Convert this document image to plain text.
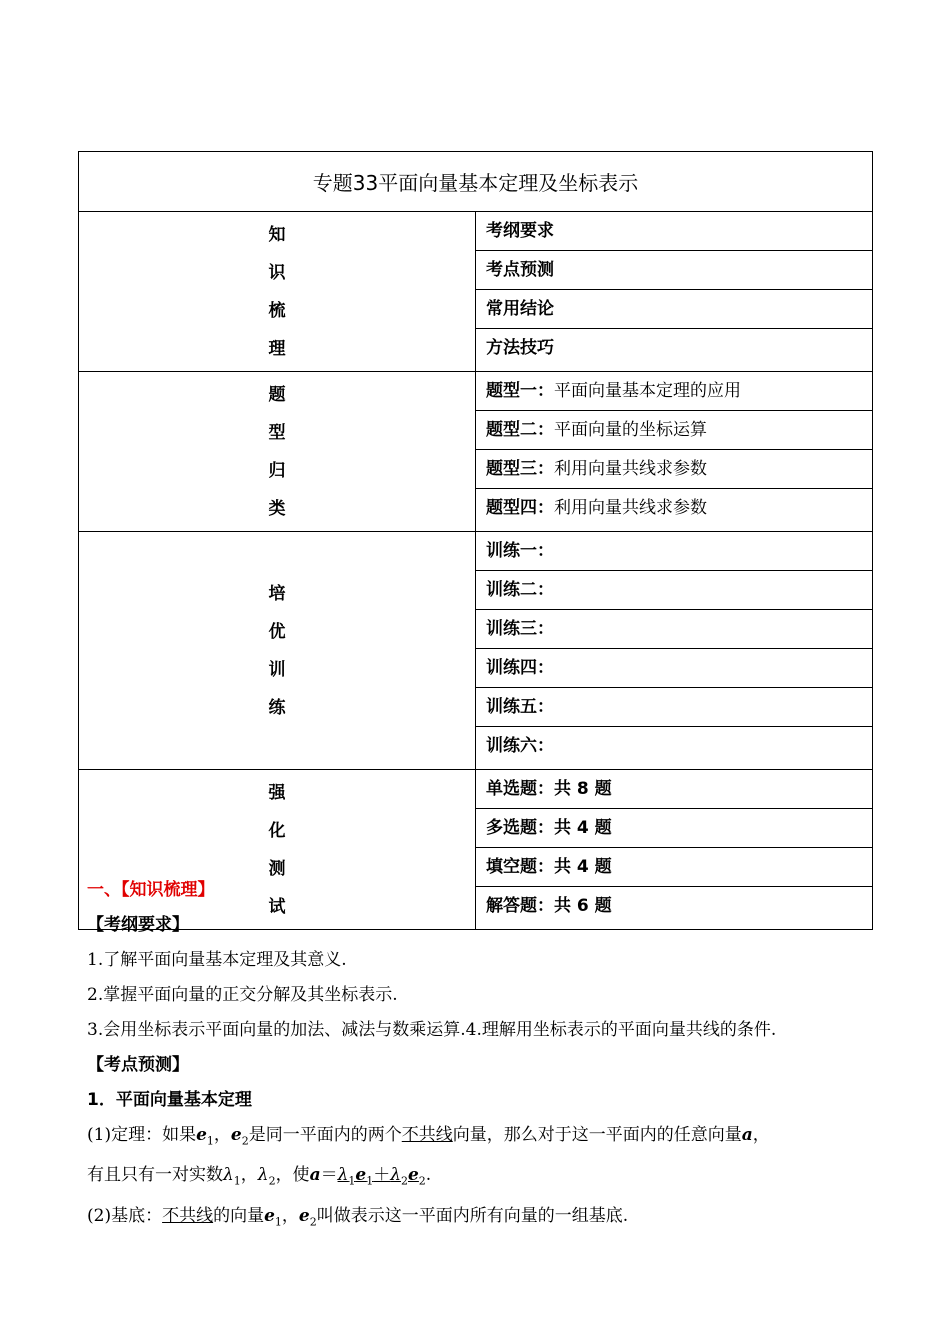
专题33平面向量基本定理及坐标表示	

知
识
梳
理	考纲要求
	考点预测
	常用结论
	方法技巧

题
型
归
类	题型一：平面向量基本定理的应用
	题型二：平面向量的坐标运算
	题型三：利用向量共线求参数
	题型四：利用向量共线求参数

培
优
训
练	训练一：
	训练二：
	训练三：
	训练四：
	训练五：
	训练六：

强
化
测
试	单选题：共 8 题
	多选题：共 4 题
	填空题：共 4 题
	解答题：共 6 题
一、【知识梳理】
【考纲要求】
1.了解平面向量基本定理及其意义.
2.掌握平面向量的正交分解及其坐标表示.
3.会用坐标表示平面向量的加法、减法与数乘运算.4.理解用坐标表示的平面向量共线的条件.
【考点预测】
1．平面向量基本定理
(1)定理：如果$e_1$，$e_2$是同一平面内的两个不共线向量，那么对于这一平面内的任意向量a，
有且只有一对实数$\lambda_1$，$\lambda_2$，使$a=\lambda_1e_1+\lambda_2e_2$.
(2)基底：不共线的向量$e_1$，$e_2$叫做表示这一平面内所有向量的一组基底.
